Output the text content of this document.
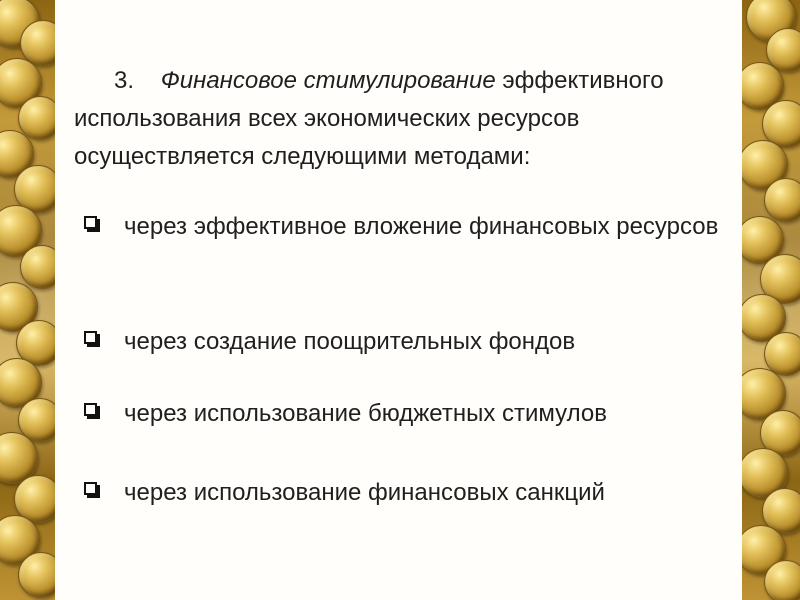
3. Финансовое стимулирование эффективного использования всех экономических ресурсов осуществляется следующими методами:
через эффективное вложение финансовых ресурсов
через создание поощрительных фондов
через использование бюджетных стимулов
через использование финансовых санкций
